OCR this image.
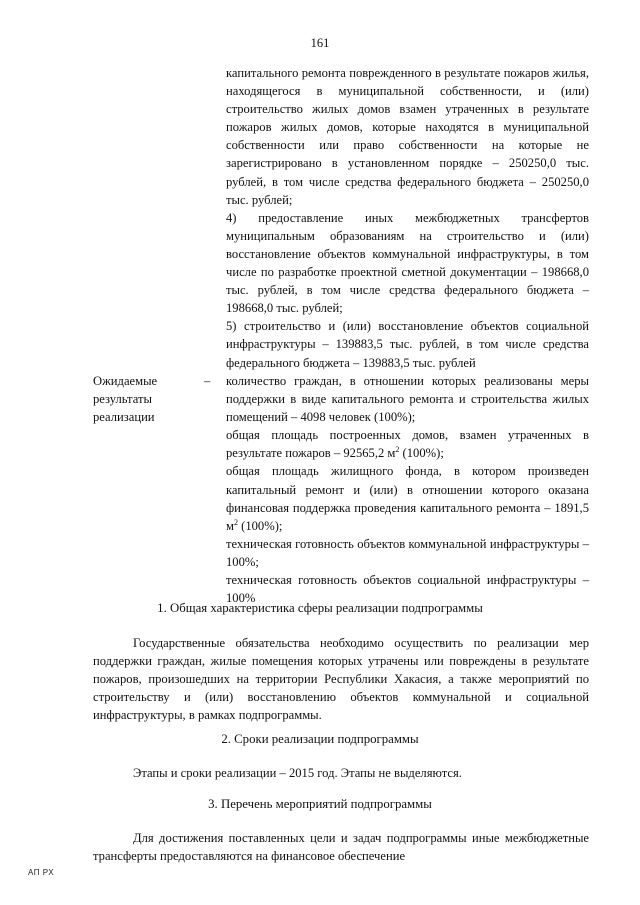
161

капитального ремонта поврежденного в результате пожаров жилья, находящегося в муниципальной собственности, и (или) строительство жилых домов взамен утраченных в результате пожаров жилых домов, которые находятся в муниципальной собственности или право собственности на которые не зарегистрировано в установленном порядке – 250250,0 тыс. рублей, в том числе средства федерального бюджета – 250250,0 тыс. рублей;

4) предоставление иных межбюджетных трансфертов муниципальным образованиям на строительство и (или) восстановление объектов коммунальной инфраструктуры, в том числе по разработке проектной сметной документации – 198668,0 тыс. рублей, в том числе средства федерального бюджета – 198668,0 тыс. рублей;

5) строительство и (или) восстановление объектов социальной инфраструктуры – 139883,5 тыс. рублей, в том числе средства федерального бюджета – 139883,5 тыс. рублей

Ожидаемые результаты реализации
– количество граждан, в отношении которых реализованы меры поддержки в виде капитального ремонта и строительства жилых помещений – 4098 человек (100%);

общая площадь построенных домов, взамен утраченных в результате пожаров – 92565,2 $м^2$ (100%);

общая площадь жилищного фонда, в котором произведен капитальный ремонт и (или) в отношении которого оказана финансовая поддержка проведения капитального ремонта – 1891,5 $м^2$ (100%);

техническая готовность объектов коммунальной инфраструктуры – 100%;

техническая готовность объектов социальной инфраструктуры – 100%

1. Общая характеристика сферы реализации подпрограммы

Государственные обязательства необходимо осуществить по реализации мер поддержки граждан, жилые помещения которых утрачены или повреждены в результате пожаров, произошедших на территории Республики Хакасия, а также мероприятий по строительству и (или) восстановлению объектов коммунальной и социальной инфраструктуры, в рамках подпрограммы.

2. Сроки реализации подпрограммы

Этапы и сроки реализации – 2015 год. Этапы не выделяются.

3. Перечень мероприятий подпрограммы

Для достижения поставленных цели и задач подпрограммы иные межбюджетные трансферты предоставляются на финансовое обеспечение

АП РХ
